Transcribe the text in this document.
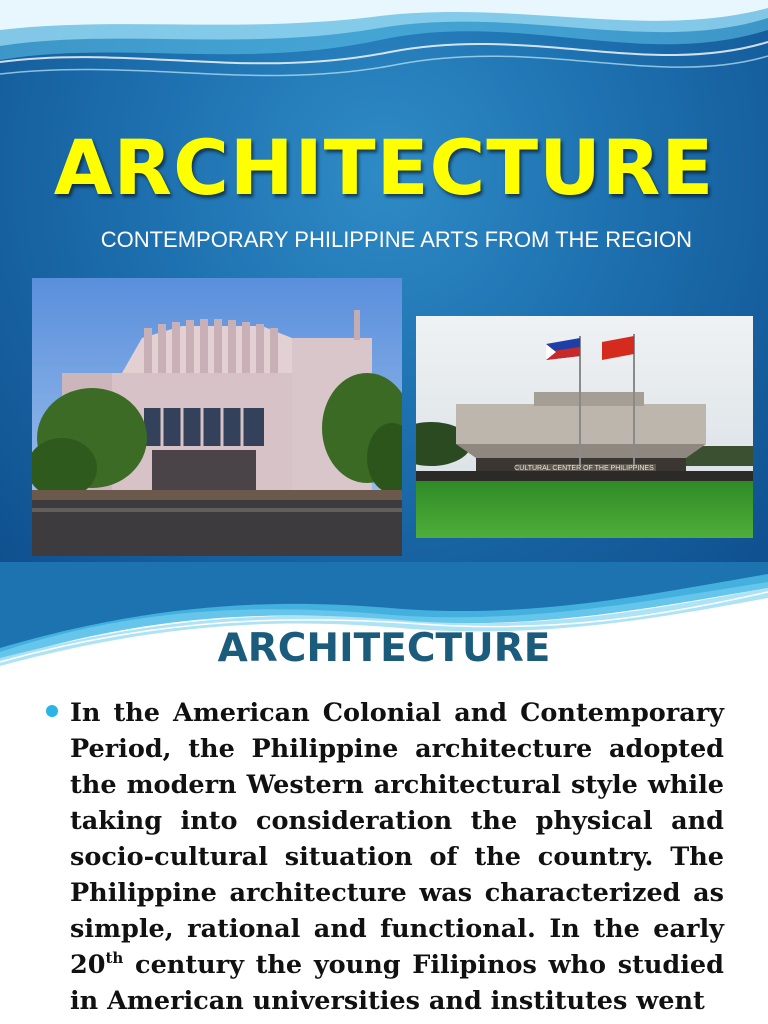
ARCHITECTURE
CONTEMPORARY PHILIPPINE ARTS FROM THE REGION
CULTURAL CENTER OF THE PHILIPPINES
ARCHITECTURE

In the American Colonial and Contemporary Period, the Philippine architecture adopted the modern Western architectural style while taking into consideration the physical and socio-cultural situation of the country. The Philippine architecture was characterized as simple, rational and functional. In the early 20th century the young Filipinos who studied in American universities and institutes went
